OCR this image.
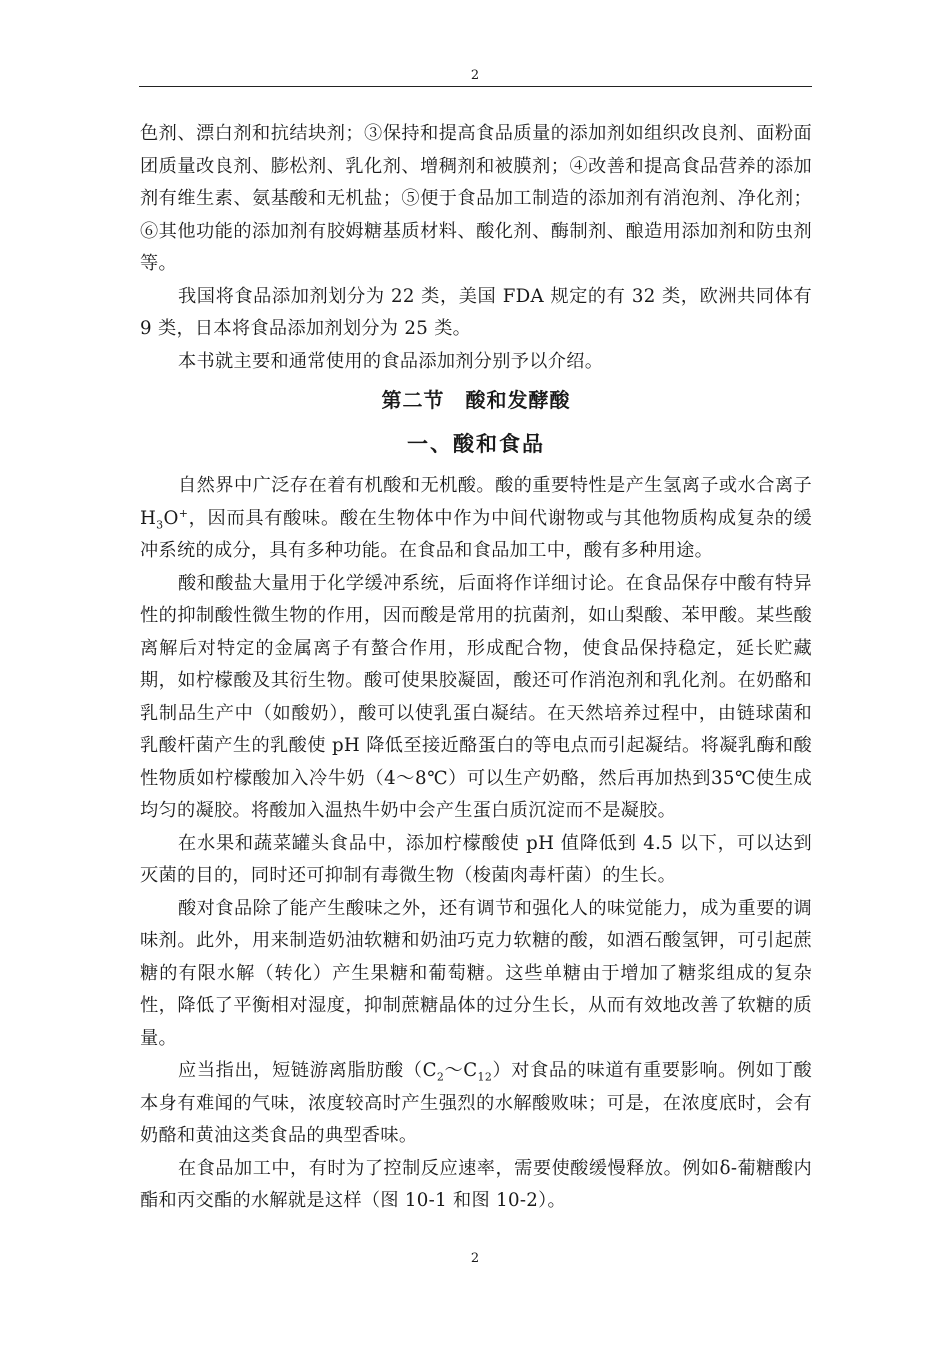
2

色剂、漂白剂和抗结块剂；③保持和提高食品质量的添加剂如组织改良剂、面粉面团质量改良剂、膨松剂、乳化剂、增稠剂和被膜剂；④改善和提高食品营养的添加剂有维生素、氨基酸和无机盐；⑤便于食品加工制造的添加剂有消泡剂、净化剂；⑥其他功能的添加剂有胶姆糖基质材料、酸化剂、酶制剂、酿造用添加剂和防虫剂等。

我国将食品添加剂划分为 22 类，美国 FDA 规定的有 32 类，欧洲共同体有 9 类，日本将食品添加剂划分为 25 类。

本书就主要和通常使用的食品添加剂分别予以介绍。

第二节　酸和发酵酸
一、酸和食品

自然界中广泛存在着有机酸和无机酸。酸的重要特性是产生氢离子或水合离子$H_3O^+$，因而具有酸味。酸在生物体中作为中间代谢物或与其他物质构成复杂的缓冲系统的成分，具有多种功能。在食品和食品加工中，酸有多种用途。

酸和酸盐大量用于化学缓冲系统，后面将作详细讨论。在食品保存中酸有特异性的抑制酸性微生物的作用，因而酸是常用的抗菌剂，如山梨酸、苯甲酸。某些酸离解后对特定的金属离子有螯合作用，形成配合物，使食品保持稳定，延长贮藏期，如柠檬酸及其衍生物。酸可使果胶凝固，酸还可作消泡剂和乳化剂。在奶酪和乳制品生产中（如酸奶），酸可以使乳蛋白凝结。在天然培养过程中，由链球菌和乳酸杆菌产生的乳酸使 pH 降低至接近酪蛋白的等电点而引起凝结。将凝乳酶和酸性物质如柠檬酸加入冷牛奶（4～8℃）可以生产奶酪，然后再加热到35℃使生成均匀的凝胶。将酸加入温热牛奶中会产生蛋白质沉淀而不是凝胶。

在水果和蔬菜罐头食品中，添加柠檬酸使 pH 值降低到 4.5 以下，可以达到灭菌的目的，同时还可抑制有毒微生物（梭菌肉毒杆菌）的生长。

酸对食品除了能产生酸味之外，还有调节和强化人的味觉能力，成为重要的调味剂。此外，用来制造奶油软糖和奶油巧克力软糖的酸，如酒石酸氢钾，可引起蔗糖的有限水解（转化）产生果糖和葡萄糖。这些单糖由于增加了糖浆组成的复杂性，降低了平衡相对湿度，抑制蔗糖晶体的过分生长，从而有效地改善了软糖的质量。

应当指出，短链游离脂肪酸$(C_2\sim C_{12})$对食品的味道有重要影响。例如丁酸本身有难闻的气味，浓度较高时产生强烈的水解酸败味；可是，在浓度底时，会有奶酪和黄油这类食品的典型香味。

在食品加工中，有时为了控制反应速率，需要使酸缓慢释放。例如δ-葡糖酸内酯和丙交酯的水解就是这样（图 10-1 和图 10-2）。

2
